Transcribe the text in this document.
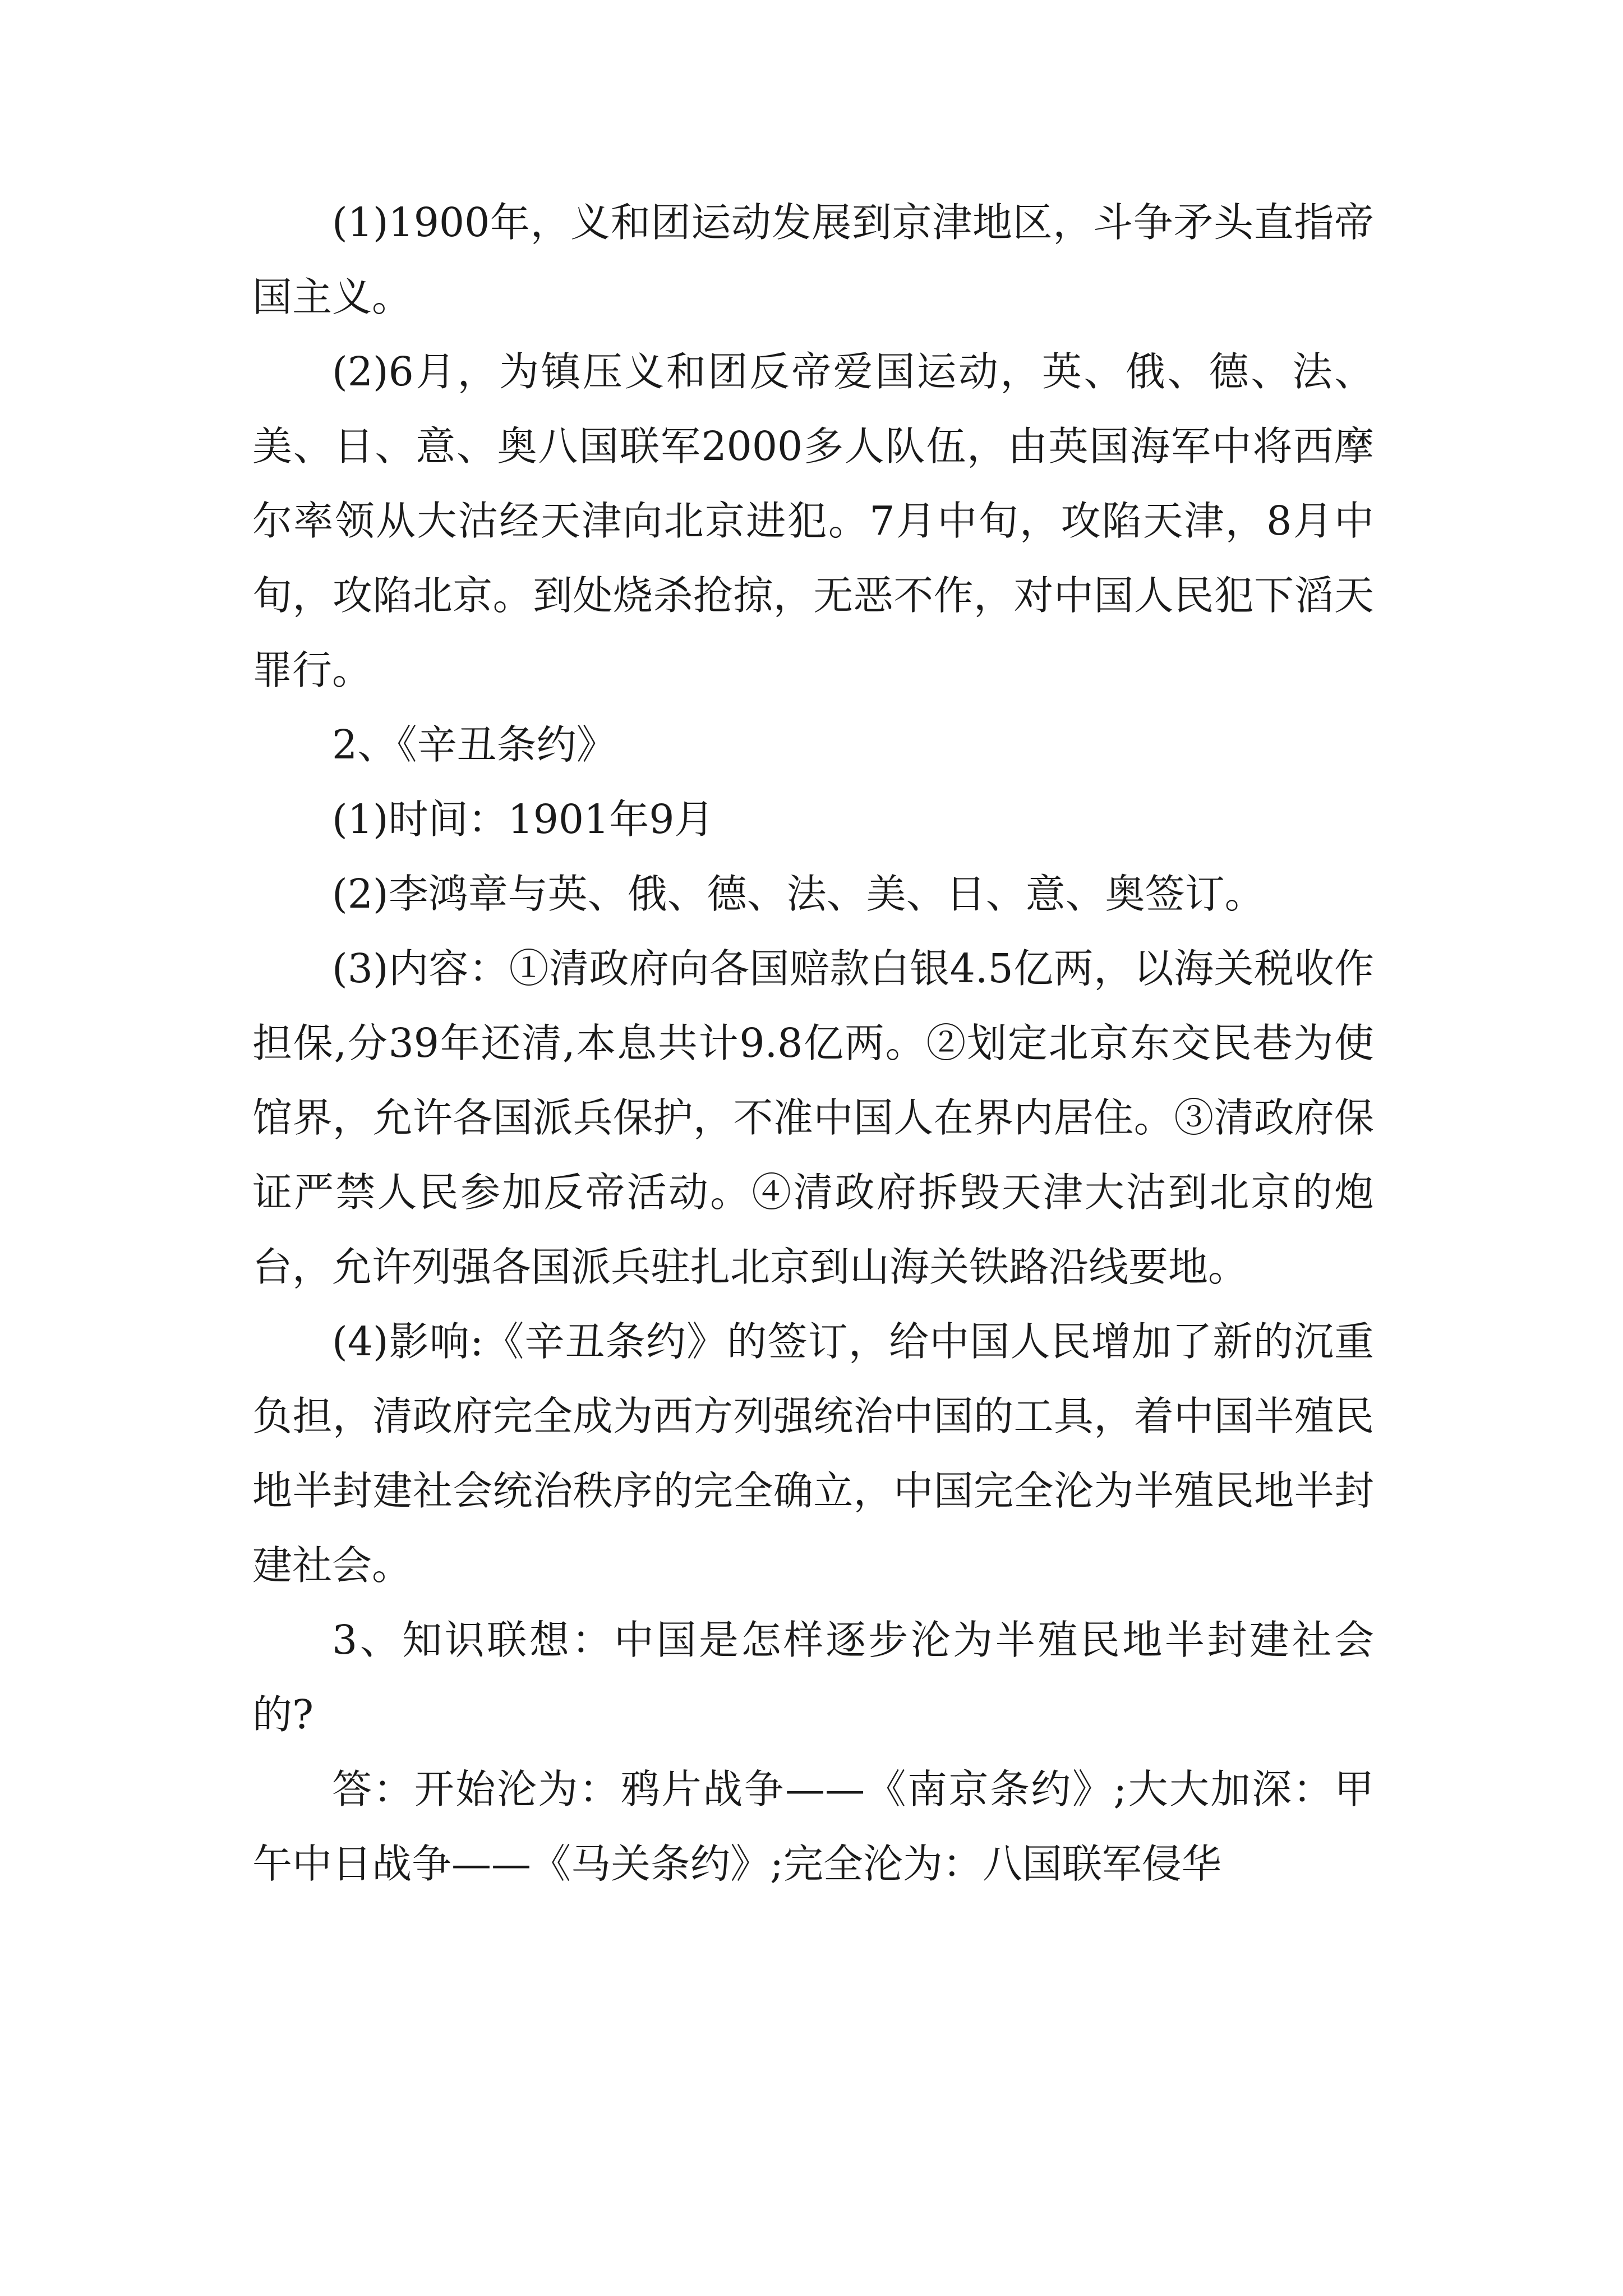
(1)1900年，义和团运动发展到京津地区，斗争矛头直指帝国主义。

(2)6月，为镇压义和团反帝爱国运动，英、俄、德、法、美、日、意、奥八国联军2000多人队伍，由英国海军中将西摩尔率领从大沽经天津向北京进犯。7月中旬，攻陷天津，8月中旬，攻陷北京。到处烧杀抢掠，无恶不作，对中国人民犯下滔天罪行。

2、《辛丑条约》

(1)时间：1901年9月

(2)李鸿章与英、俄、德、法、美、日、意、奥签订。

(3)内容：①清政府向各国赔款白银4.5亿两，以海关税收作担保,分39年还清,本息共计9.8亿两。②划定北京东交民巷为使馆界，允许各国派兵保护，不准中国人在界内居住。③清政府保证严禁人民参加反帝活动。④清政府拆毁天津大沽到北京的炮台，允许列强各国派兵驻扎北京到山海关铁路沿线要地。

(4)影响:《辛丑条约》的签订，给中国人民增加了新的沉重负担，清政府完全成为西方列强统治中国的工具，着中国半殖民地半封建社会统治秩序的完全确立，中国完全沦为半殖民地半封建社会。

3、知识联想：中国是怎样逐步沦为半殖民地半封建社会的?

答：开始沦为：鸦片战争——《南京条约》;大大加深：甲午中日战争——《马关条约》;完全沦为：八国联军侵华
